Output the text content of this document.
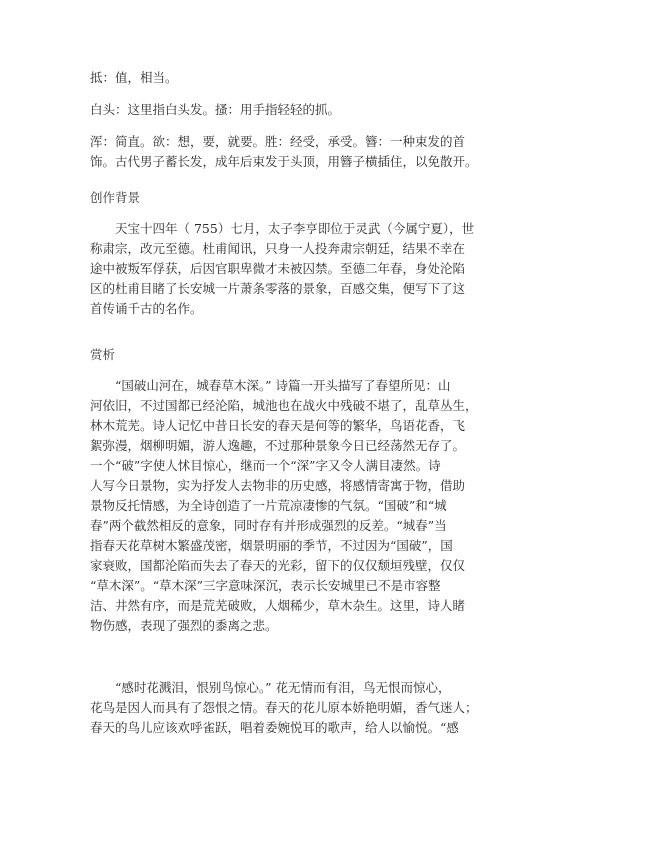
抵：值，相当。
白头：这里指白头发。搔：用手指轻轻的抓。
浑：简直。欲：想，要，就要。胜：经受，承受。簪：一种束发的首
饰。古代男子蓄长发，成年后束发于头顶，用簪子横插住，以免散开。
创作背景
天宝十四年（ 755）七月，太子李亨即位于灵武（今属宁夏），世
称肃宗，改元至德。杜甫闻讯，只身一人投奔肃宗朝廷，结果不幸在
途中被叛军俘获，后因官职卑微才未被囚禁。至德二年春，身处沦陷
区的杜甫目睹了长安城一片萧条零落的景象，百感交集，便写下了这
首传诵千古的名作。
赏析
“国破山河在，城春草木深。” 诗篇一开头描写了春望所见：山
河依旧，不过国都已经沦陷，城池也在战火中残破不堪了，乱草丛生，
林木荒芜。诗人记忆中昔日长安的春天是何等的繁华，鸟语花香，飞
絮弥漫，烟柳明媚，游人逸趣，不过那种景象今日已经荡然无存了。
一个“破”字使人怵目惊心，继而一个“深”字又令人满目凄然。诗
人写今日景物，实为抒发人去物非的历史感，将感情寄寓于物，借助
景物反托情感，为全诗创造了一片荒凉凄惨的气氛。“国破”和“城
春”两个截然相反的意象，同时存有并形成强烈的反差。“城春”当
指春天花草树木繁盛茂密，烟景明丽的季节，不过因为“国破”，国
家衰败，国都沦陷而失去了春天的光彩，留下的仅仅颓垣残壁，仅仅
“草木深”。“草木深”三字意味深沉，表示长安城里已不是市容整
洁、井然有序，而是荒芜破败，人烟稀少，草木杂生。这里，诗人睹
物伤感，表现了强烈的黍离之悲。
“感时花溅泪，恨别鸟惊心。” 花无情而有泪，鸟无恨而惊心，
花鸟是因人而具有了怨恨之情。春天的花儿原本娇艳明媚，香气迷人；
春天的鸟儿应该欢呼雀跃，唱着委婉悦耳的歌声，给人以愉悦。“感
